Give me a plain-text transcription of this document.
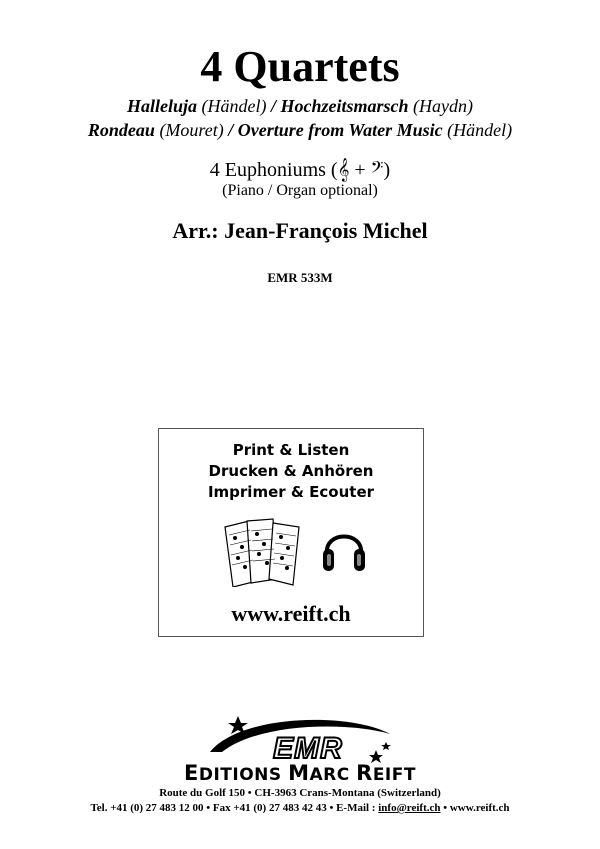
4 Quartets
Halleluja (Händel) / Hochzeitsmarsch (Haydn)
Rondeau (Mouret) / Overture from Water Music (Händel)
4 Euphoniums (𝄞 + 𝄢)
(Piano / Organ optional)
Arr.: Jean-François Michel
EMR 533M
Print & Listen
Drucken & Anhören
Imprimer & Ecouter
www.reift.ch
EMR
EDITIONS MARC REIFT
Route du Golf 150 • CH-3963 Crans-Montana (Switzerland)
Tel. +41 (0) 27 483 12 00 • Fax +41 (0) 27 483 42 43 • E-Mail : info@reift.ch • www.reift.ch
